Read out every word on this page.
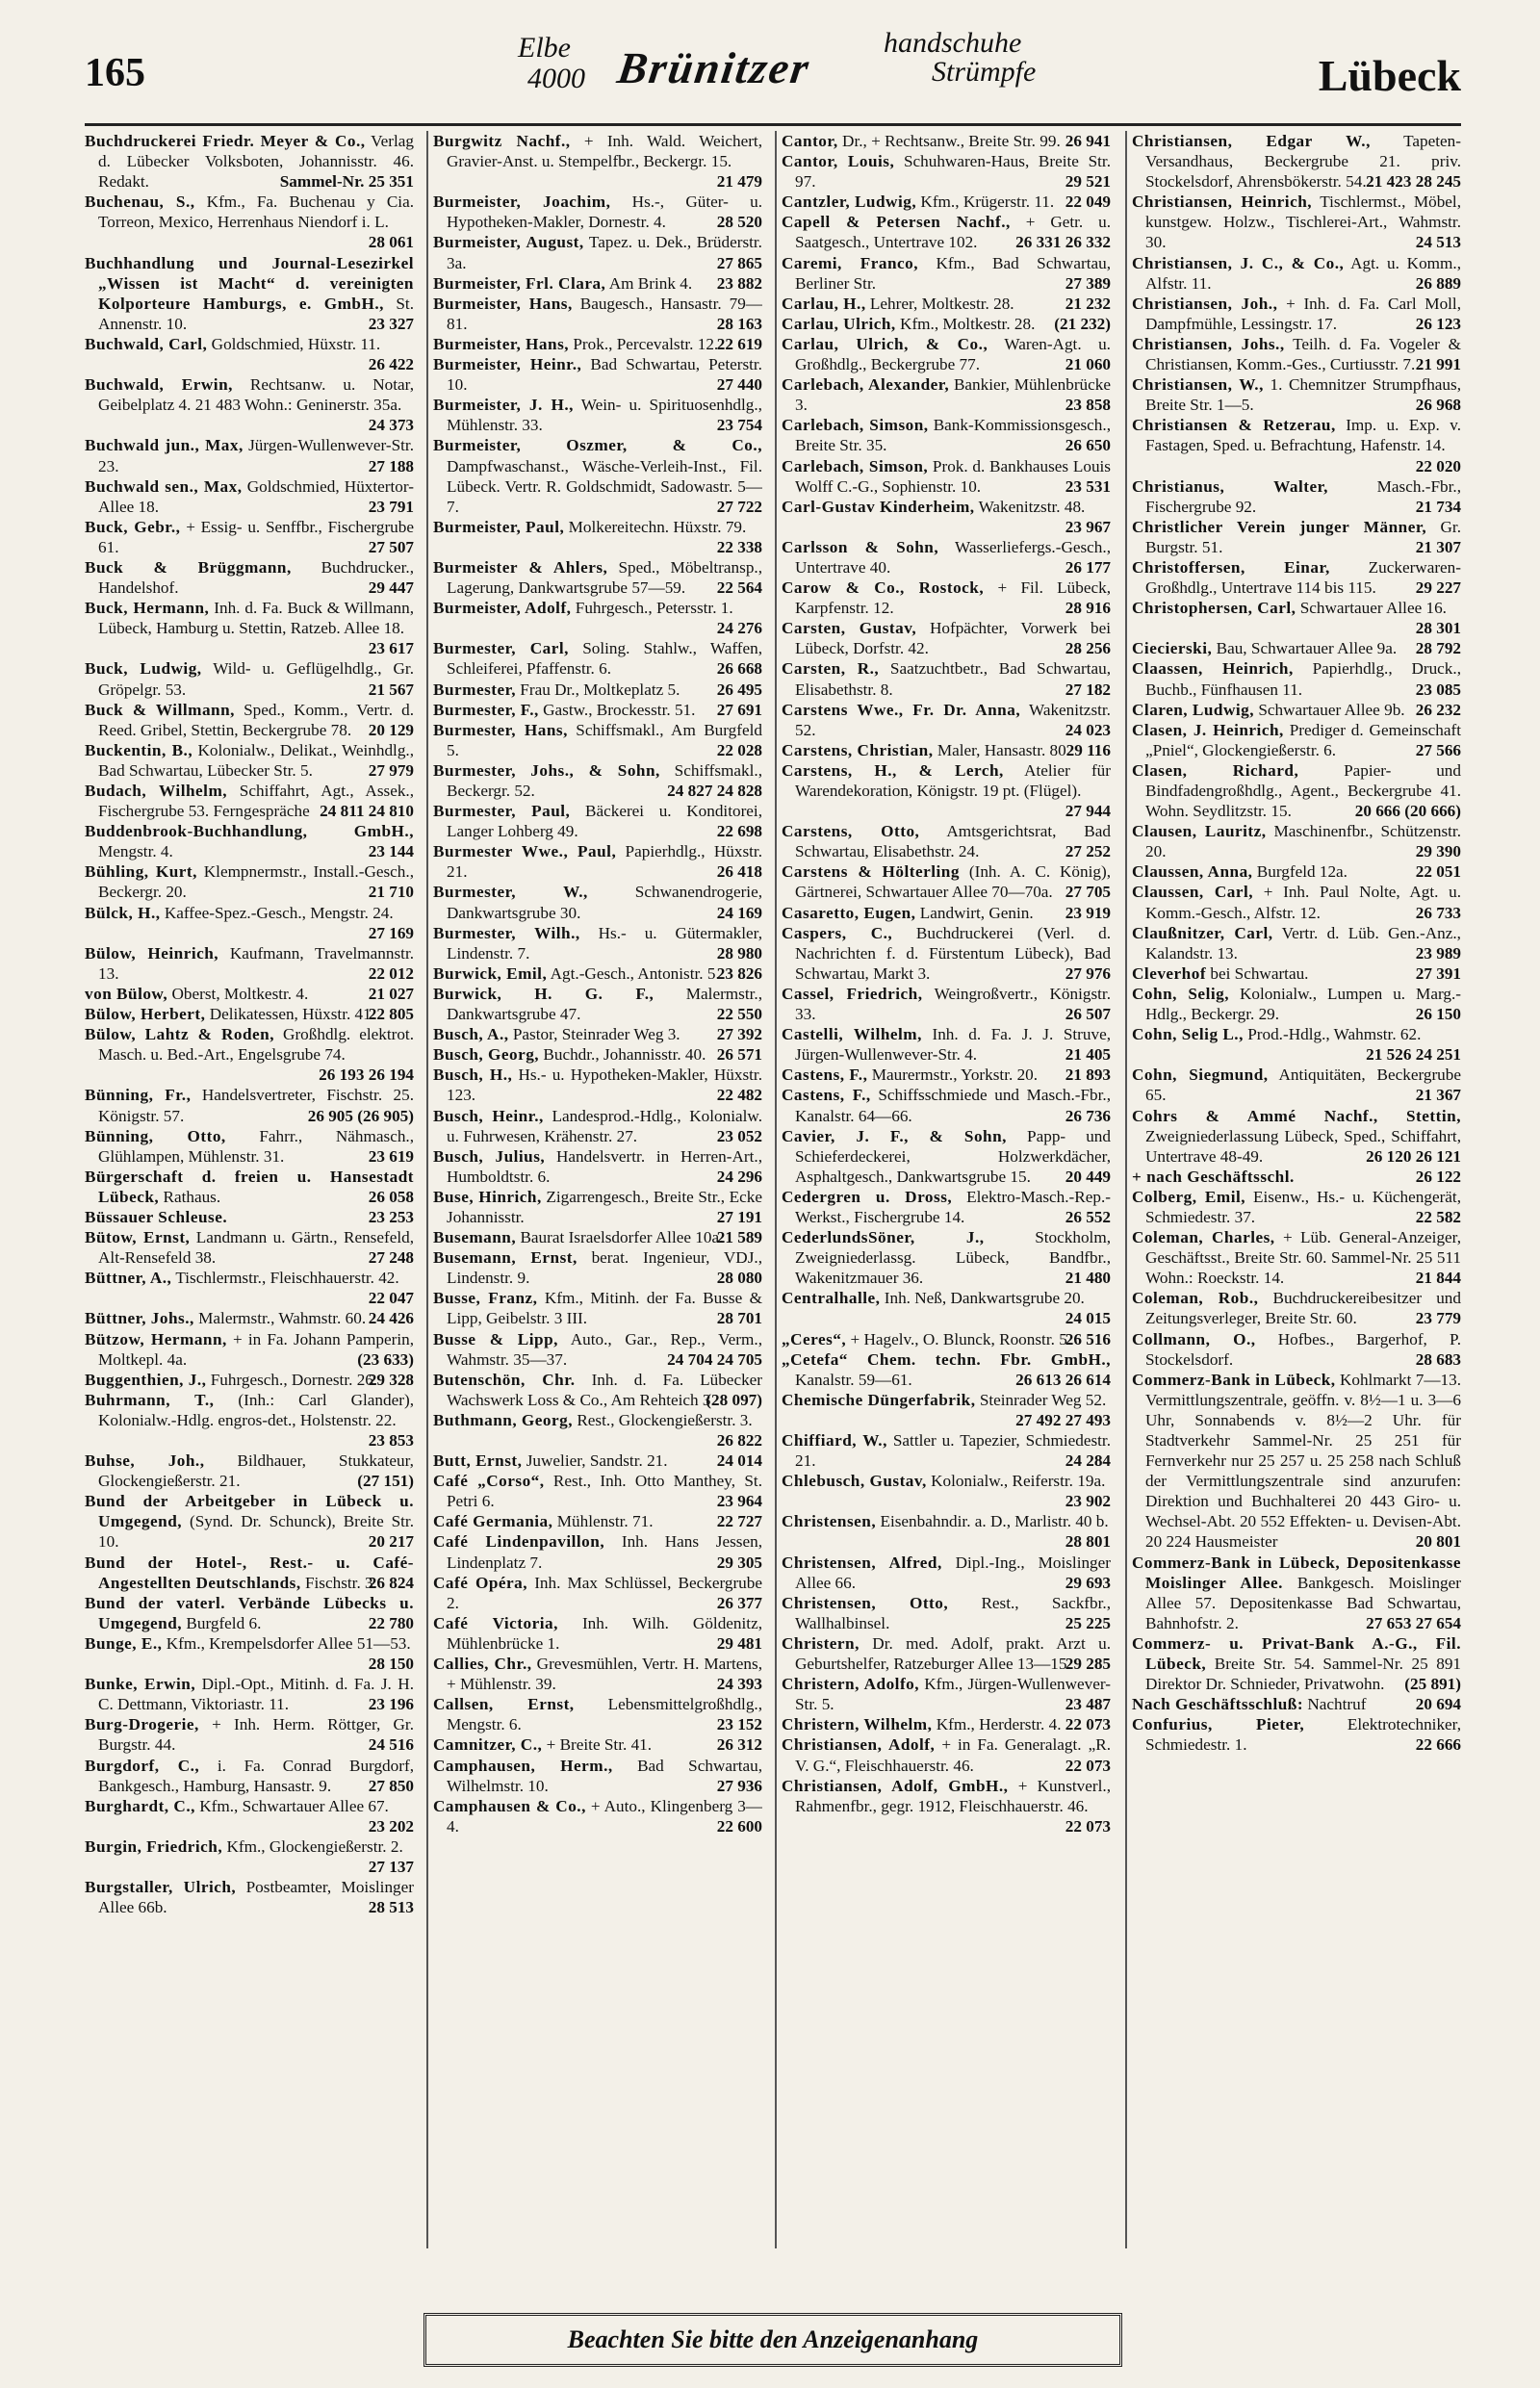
165
Elbe
4000 Brünitzer
handschuhe
Strümpfe	Lübeck

Buchdruckerei Friedr. Meyer & Co., Verlag d. Lübecker Volksboten, Johannisstr. 46. Redakt.	Sammel-Nr. 25 351

Buchenau, S., Kfm., Fa. Buchenau y Cia. Torreon, Mexico, Herrenhaus Niendorf i. L.
28 061

Buchhandlung und Journal-Lesezirkel „Wissen ist Macht“ d. vereinigten Kolporteure Hamburgs, e. GmbH., St. Annenstr. 10.	23 327

Buchwald, Carl, Goldschmied, Hüxstr. 11.
26 422

Buchwald, Erwin, Rechtsanw. u. Notar, Geibelplatz 4. 21 483 Wohn.: Geninerstr. 35a.
24 373

Buchwald jun., Max, Jürgen-Wullenwever-Str. 23.	27 188

Buchwald sen., Max, Goldschmied, Hüxtertor-Allee 18.	23 791

Buck, Gebr., + Essig- u. Senffbr., Fischergrube 61.	27 507

Buck & Brüggmann, Buchdrucker., Handelshof.	29 447

Buck, Hermann, Inh. d. Fa. Buck & Willmann, Lübeck, Hamburg u. Stettin, Ratzeb. Allee 18.
23 617

Buck, Ludwig, Wild- u. Geflügelhdlg., Gr. Gröpelgr. 53.	21 567

Buck & Willmann, Sped., Komm., Vertr. d. Reed. Gribel, Stettin, Beckergrube 78. 20 129

Buckentin, B., Kolonialw., Delikat., Weinhdlg., Bad Schwartau, Lübecker Str. 5.	27 979

Budach, Wilhelm, Schiffahrt, Agt., Assek., Fischergrube 53. Ferngespräche 24 811 24 810

Buddenbrook-Buchhandlung, GmbH., Mengstr. 4.	23 144

Bühling, Kurt, Klempnermstr., Install.-Gesch., Beckergr. 20.	21 710

Bülck, H., Kaffee-Spez.-Gesch., Mengstr. 24.
27 169

Bülow, Heinrich, Kaufmann, Travelmannstr. 13.	22 012

von Bülow, Oberst, Moltkestr. 4.	21 027

Bülow, Herbert, Delikatessen, Hüxstr. 41.
22 805

Bülow, Lahtz & Roden, Großhdlg. elektrot. Masch. u. Bed.-Art., Engelsgrube 74.
26 193 26 194

Bünning, Fr., Handelsvertreter, Fischstr. 25. Königstr. 57.	26 905 (26 905)

Bünning, Otto, Fahrr., Nähmasch., Glühlampen, Mühlenstr. 31.	23 619

Bürgerschaft d. freien u. Hansestadt Lübeck, Rathaus.	26 058

Büssauer Schleuse.	23 253

Bütow, Ernst, Landmann u. Gärtn., Rensefeld, Alt-Rensefeld 38.	27 248

Büttner, A., Tischlermstr., Fleischhauerstr. 42.
22 047

Büttner, Johs., Malermstr., Wahmstr. 60. 24 426

Bützow, Hermann, + in Fa. Johann Pamperin, Moltkepl. 4a.	(23 633)

Buggenthien, J., Fuhrgesch., Dornestr. 26.
29 328

Buhrmann, T., (Inh.: Carl Glander), Kolonialw.-Hdlg. engros-det., Holstenstr. 22.
23 853

Buhse, Joh., Bildhauer, Stukkateur, Glockengießerstr. 21.	(27 151)

Bund der Arbeitgeber in Lübeck u. Umgegend, (Synd. Dr. Schunck), Breite Str. 10.	20 217

Bund der Hotel-, Rest.- u. Café-Angestellten Deutschlands, Fischstr. 3.
26 824

Bund der vaterl. Verbände Lübecks u. Umgegend, Burgfeld 6.	22 780

Bunge, E., Kfm., Krempelsdorfer Allee 51—53.
28 150

Bunke, Erwin, Dipl.-Opt., Mitinh. d. Fa. J. H. C. Dettmann, Viktoriastr. 11.	23 196

Burg-Drogerie, + Inh. Herm. Röttger, Gr. Burgstr. 44.	24 516

Burgdorf, C., i. Fa. Conrad Burgdorf, Bankgesch., Hamburg, Hansastr. 9. 27 850

Burghardt, C., Kfm., Schwartauer Allee 67.
23 202

Burgin, Friedrich, Kfm., Glockengießerstr. 2.
27 137

Burgstaller, Ulrich, Postbeamter, Moislinger Allee 66b.	28 513

Burgwitz Nachf., + Inh. Wald. Weichert, Gravier-Anst. u. Stempelfbr., Beckergr. 15.
21 479

Burmeister, Joachim, Hs.-, Güter- u. Hypotheken-Makler, Dornestr. 4.	28 520

Burmeister, August, Tapez. u. Dek., Brüderstr. 3a.	27 865

Burmeister, Frl. Clara, Am Brink 4. 23 882

Burmeister, Hans, Baugesch., Hansastr. 79—81.	28 163

Burmeister, Hans, Prok., Percevalstr. 12.
22 619

Burmeister, Heinr., Bad Schwartau, Peterstr. 10.	27 440

Burmeister, J. H., Wein- u. Spirituosenhdlg., Mühlenstr. 33.	23 754

Burmeister, Oszmer, & Co., Dampfwaschanst., Wäsche-Verleih-Inst., Fil. Lübeck. Vertr. R. Goldschmidt, Sadowastr. 5—7.	27 722

Burmeister, Paul, Molkereitechn. Hüxstr. 79.
22 338

Burmeister & Ahlers, Sped., Möbeltransp., Lagerung, Dankwartsgrube 57—59. 22 564

Burmeister, Adolf, Fuhrgesch., Petersstr. 1.
24 276

Burmester, Carl, Soling. Stahlw., Waffen, Schleiferei, Pfaffenstr. 6.	26 668

Burmester, Frau Dr., Moltkeplatz 5. 26 495

Burmester, F., Gastw., Brockesstr. 51. 27 691

Burmester, Hans, Schiffsmakl., Am Burgfeld 5.	22 028

Burmester, Johs., & Sohn, Schiffsmakl., Beckergr. 52.	24 827 24 828

Burmester, Paul, Bäckerei u. Konditorei, Langer Lohberg 49.	22 698

Burmester Wwe., Paul, Papierhdlg., Hüxstr. 21.	26 418

Burmester, W.,	Schwanendrogerie, Dankwartsgrube 30.	24 169

Burmester, Wilh., Hs.- u. Gütermakler, Lindenstr. 7.	28 980

Burwick, Emil, Agt.-Gesch., Antonistr. 5.
23 826

Burwick, H. G. F., Malermstr., Dankwartsgrube 47.	22 550

Busch, A., Pastor, Steinrader Weg 3. 27 392

Busch, Georg, Buchdr., Johannisstr. 40. 26 571

Busch, H., Hs.- u. Hypotheken-Makler, Hüxstr. 123.	22 482

Busch, Heinr., Landesprod.-Hdlg., Kolonialw. u. Fuhrwesen, Krähenstr. 27.	23 052

Busch, Julius, Handelsvertr. in Herren-Art., Humboldtstr. 6.	24 296

Buse, Hinrich, Zigarrengesch., Breite Str., Ecke Johannisstr.	27 191

Busemann, Baurat Israelsdorfer Allee 10a.
21 589

Busemann, Ernst, berat. Ingenieur, VDJ., Lindenstr. 9.	28 080

Busse, Franz, Kfm., Mitinh. der Fa. Busse & Lipp, Geibelstr. 3 III.	28 701

Busse & Lipp, Auto., Gar., Rep., Verm., Wahmstr. 35—37.	24 704 24 705

Butenschön, Chr. Inh. d. Fa. Lübecker Wachswerk Loss & Co., Am Rehteich 3.
(28 097)

Buthmann, Georg, Rest., Glockengießerstr. 3.
26 822

Butt, Ernst, Juwelier, Sandstr. 21.	24 014

Café „Corso“, Rest., Inh. Otto Manthey, St. Petri 6.	23 964

Café Germania, Mühlenstr. 71.	22 727

Café Lindenpavillon, Inh. Hans Jessen, Lindenplatz 7.	29 305

Café Opéra, Inh. Max Schlüssel, Beckergrube 2.	26 377

Café Victoria, Inh. Wilh. Göldenitz, Mühlenbrücke 1.	29 481

Callies, Chr., Grevesmühlen, Vertr. H. Martens, + Mühlenstr. 39.	24 393

Callsen, Ernst, Lebensmittelgroßhdlg., Mengstr. 6.	23 152

Camnitzer, C., + Breite Str. 41.	26 312

Camphausen, Herm., Bad Schwartau, Wilhelmstr. 10.	27 936

Camphausen & Co., + Auto., Klingenberg 3—4.	22 600

Cantor, Dr., + Rechtsanw., Breite Str. 99. 26 941

Cantor, Louis, Schuhwaren-Haus, Breite Str. 97.	29 521

Cantzler, Ludwig, Kfm., Krügerstr. 11. 22 049

Capell & Petersen Nachf., + Getr. u. Saatgesch., Untertrave 102. 26 331 26 332

Caremi, Franco, Kfm., Bad Schwartau, Berliner Str.	27 389

Carlau, H., Lehrer, Moltkestr. 28.	21 232

Carlau, Ulrich, Kfm., Moltkestr. 28. (21 232)

Carlau, Ulrich, & Co., Waren-Agt. u. Großhdlg., Beckergrube 77.	21 060

Carlebach, Alexander, Bankier, Mühlenbrücke 3.	23 858

Carlebach, Simson, Bank-Kommissionsgesch., Breite Str. 35.	26 650

Carlebach, Simson, Prok. d. Bankhauses Louis Wolff C.-G., Sophienstr. 10.	23 531

Carl-Gustav Kinderheim, Wakenitzstr. 48.
23 967

Carlsson & Sohn, Wasserliefergs.-Gesch., Untertrave 40.	26 177

Carow & Co., Rostock, + Fil. Lübeck, Karpfenstr. 12.	28 916

Carsten, Gustav, Hofpächter, Vorwerk bei Lübeck, Dorfstr. 42.	28 256

Carsten, R., Saatzuchtbetr., Bad Schwartau, Elisabethstr. 8.	27 182

Carstens Wwe., Fr. Dr. Anna, Wakenitzstr. 52.	24 023

Carstens, Christian, Maler, Hansastr. 80.
29 116

Carstens, H., & Lerch, Atelier für Warendekoration, Königstr. 19 pt. (Flügel).
27 944

Carstens, Otto, Amtsgerichtsrat, Bad Schwartau, Elisabethstr. 24.	27 252

Carstens & Hölterling (Inh. A. C. König), Gärtnerei, Schwartauer Allee 70—70a. 27 705

Casaretto, Eugen, Landwirt, Genin. 23 919

Caspers, C., Buchdruckerei (Verl. d. Nachrichten f. d. Fürstentum Lübeck), Bad Schwartau, Markt 3.	27 976

Cassel, Friedrich, Weingroßvertr., Königstr. 33.	26 507

Castelli, Wilhelm, Inh. d. Fa. J. J. Struve, Jürgen-Wullenwever-Str. 4.	21 405

Castens, F., Maurermstr., Yorkstr. 20. 21 893

Castens, F., Schiffsschmiede und Masch.-Fbr., Kanalstr. 64—66.	26 736

Cavier, J. F., & Sohn, Papp- und Schieferdeckerei, Holzwerkdächer, Asphaltgesch., Dankwartsgrube 15. 20 449

Cedergren u. Dross, Elektro-Masch.-Rep.-Werkst., Fischergrube 14.	26 552

CederlundsSöner, J.,	Stockholm, Zweigniederlassg. Lübeck, Bandfbr., Wakenitzmauer 36.	21 480

Centralhalle, Inh. Neß, Dankwartsgrube 20.
24 015

„Ceres“, + Hagelv., O. Blunck, Roonstr. 5.
26 516

„Cetefa“ Chem. techn. Fbr. GmbH., Kanalstr. 59—61.	26 613 26 614

Chemische Düngerfabrik, Steinrader Weg 52.
27 492 27 493

Chiffiard, W., Sattler u. Tapezier, Schmiedestr. 21.	24 284

Chlebusch, Gustav, Kolonialw., Reiferstr. 19a.
23 902

Christensen, Eisenbahndir. a. D., Marlistr. 40 b.
28 801

Christensen, Alfred, Dipl.-Ing., Moislinger Allee 66.	29 693

Christensen, Otto, Rest., Sackfbr., Wallhalbinsel.	25 225

Christern, Dr. med. Adolf, prakt. Arzt u. Geburtshelfer, Ratzeburger Allee 13—15.
29 285

Christern, Adolfo, Kfm., Jürgen-Wullenwever-Str. 5.	23 487

Christern, Wilhelm, Kfm., Herderstr. 4. 22 073

Christiansen, Adolf, + in Fa. Generalagt. „R. V. G.“, Fleischhauerstr. 46.	22 073

Christiansen, Adolf, GmbH., + Kunstverl., Rahmenfbr., gegr. 1912, Fleischhauerstr. 46.
22 073

Christiansen, Edgar W., Tapeten-Versandhaus, Beckergrube 21. priv. Stockelsdorf, Ahrensbökerstr. 54. 21 423 28 245

Christiansen, Heinrich, Tischlermst., Möbel, kunstgew. Holzw., Tischlerei-Art., Wahmstr. 30.	24 513

Christiansen, J. C., & Co., Agt. u. Komm., Alfstr. 11.	26 889

Christiansen, Joh., + Inh. d. Fa. Carl Moll, Dampfmühle, Lessingstr. 17.	26 123

Christiansen, Johs., Teilh. d. Fa. Vogeler & Christiansen, Komm.-Ges., Curtiusstr. 7. 21 991

Christiansen, W., 1. Chemnitzer Strumpfhaus, Breite Str. 1—5.	26 968

Christiansen & Retzerau, Imp. u. Exp. v. Fastagen, Sped. u. Befrachtung, Hafenstr. 14.
22 020

Christianus, Walter,	Masch.-Fbr., Fischergrube 92.	21 734

Christlicher Verein junger Männer, Gr. Burgstr. 51.	21 307

Christoffersen, Einar, Zuckerwaren-Großhdlg., Untertrave 114 bis 115. 29 227

Christophersen, Carl, Schwartauer Allee 16.
28 301

Ciecierski, Bau, Schwartauer Allee 9a. 28 792

Claassen, Heinrich, Papierhdlg., Druck., Buchb., Fünfhausen 11.	23 085

Claren, Ludwig, Schwartauer Allee 9b. 26 232

Clasen, J. Heinrich, Prediger d. Gemeinschaft „Pniel“, Glockengießerstr. 6.	27 566

Clasen, Richard,	Papier- und Bindfadengroßhdlg., Agent., Beckergrube 41. Wohn. Seydlitzstr. 15.	20 666 (20 666)

Clausen, Lauritz, Maschinenfbr., Schützenstr. 20.	29 390

Claussen, Anna, Burgfeld 12a.	22 051

Claussen, Carl, + Inh. Paul Nolte, Agt. u. Komm.-Gesch., Alfstr. 12.	26 733

Claußnitzer, Carl, Vertr. d. Lüb. Gen.-Anz., Kalandstr. 13.	23 989

Cleverhof bei Schwartau.	27 391

Cohn, Selig, Kolonialw., Lumpen u. Marg.-Hdlg., Beckergr. 29.	26 150

Cohn, Selig L., Prod.-Hdlg., Wahmstr. 62.
21 526 24 251

Cohn, Siegmund, Antiquitäten, Beckergrube 65.	21 367

Cohrs & Ammé Nachf., Stettin, Zweigniederlassung Lübeck, Sped., Schiffahrt, Untertrave 48-49.	26 120 26 121

+ nach Geschäftsschl.	26 122

Colberg, Emil, Eisenw., Hs.- u. Küchengerät, Schmiedestr. 37.	22 582

Coleman, Charles, + Lüb. General-Anzeiger, Geschäftsst., Breite Str. 60. Sammel-Nr. 25 511 Wohn.: Roeckstr. 14.	21 844

Coleman, Rob., Buchdruckereibesitzer und Zeitungsverleger, Breite Str. 60.	23 779

Collmann, O., Hofbes., Bargerhof, P. Stockelsdorf.	28 683

Commerz-Bank in Lübeck, Kohlmarkt 7—13. Vermittlungszentrale, geöffn. v. 8½—1 u. 3—6 Uhr, Sonnabends v. 8½—2 Uhr. für Stadtverkehr Sammel-Nr. 25 251 für Fernverkehr nur 25 257 u. 25 258 nach Schluß der Vermittlungszentrale sind anzurufen: Direktion und Buchhalterei 20 443 Giro- u. Wechsel-Abt. 20 552 Effekten- u. Devisen-Abt. 20 224 Hausmeister	20 801

Commerz-Bank in Lübeck, Depositenkasse Moislinger Allee. Bankgesch. Moislinger Allee 57. Depositenkasse Bad Schwartau, Bahnhofstr. 2.	27 653 27 654

Commerz- u. Privat-Bank A.-G., Fil. Lübeck, Breite Str. 54. Sammel-Nr. 25 891 Direktor Dr. Schnieder, Privatwohn. (25 891)

Nach Geschäftsschluß: Nachtruf	20 694

Confurius, Pieter,	Elektrotechniker, Schmiedestr. 1.	22 666

Beachten Sie bitte den Anzeigenanhang
